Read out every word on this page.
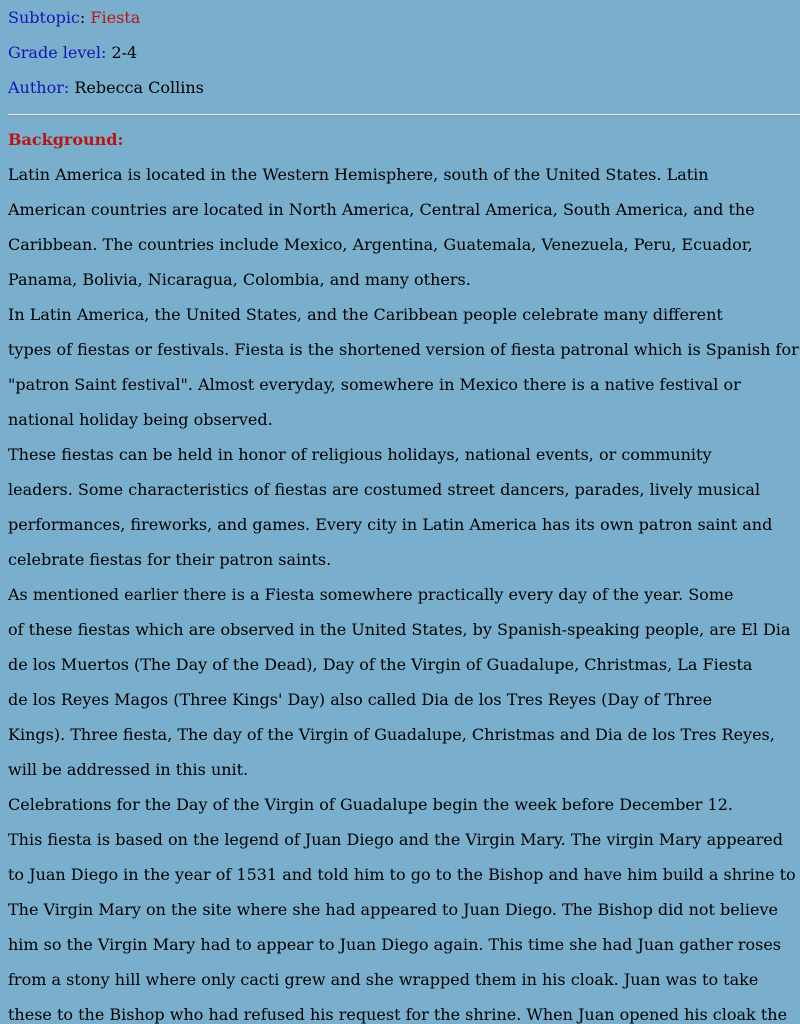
Subtopic: Fiesta
Grade level: 2-4
Author: Rebecca Collins
Background:
Latin America is located in the Western Hemisphere, south of the United States. Latin
American countries are located in North America, Central America, South America, and the
Caribbean. The countries include Mexico, Argentina, Guatemala, Venezuela, Peru, Ecuador,
Panama, Bolivia, Nicaragua, Colombia, and many others.
In Latin America, the United States, and the Caribbean people celebrate many different
types of fiestas or festivals. Fiesta is the shortened version of fiesta patronal which is Spanish for
"patron Saint festival". Almost everyday, somewhere in Mexico there is a native festival or
national holiday being observed.
These fiestas can be held in honor of religious holidays, national events, or community
leaders. Some characteristics of fiestas are costumed street dancers, parades, lively musical
performances, fireworks, and games. Every city in Latin America has its own patron saint and
celebrate fiestas for their patron saints.
As mentioned earlier there is a Fiesta somewhere practically every day of the year. Some
of these fiestas which are observed in the United States, by Spanish-speaking people, are El Dia
de los Muertos (The Day of the Dead), Day of the Virgin of Guadalupe, Christmas, La Fiesta
de los Reyes Magos (Three Kings' Day) also called Dia de los Tres Reyes (Day of Three
Kings). Three fiesta, The day of the Virgin of Guadalupe, Christmas and Dia de los Tres Reyes,
will be addressed in this unit.
Celebrations for the Day of the Virgin of Guadalupe begin the week before December 12.
This fiesta is based on the legend of Juan Diego and the Virgin Mary. The virgin Mary appeared
to Juan Diego in the year of 1531 and told him to go to the Bishop and have him build a shrine to
The Virgin Mary on the site where she had appeared to Juan Diego. The Bishop did not believe
him so the Virgin Mary had to appear to Juan Diego again. This time she had Juan gather roses
from a stony hill where only cacti grew and she wrapped them in his cloak. Juan was to take
these to the Bishop who had refused his request for the shrine. When Juan opened his cloak the
